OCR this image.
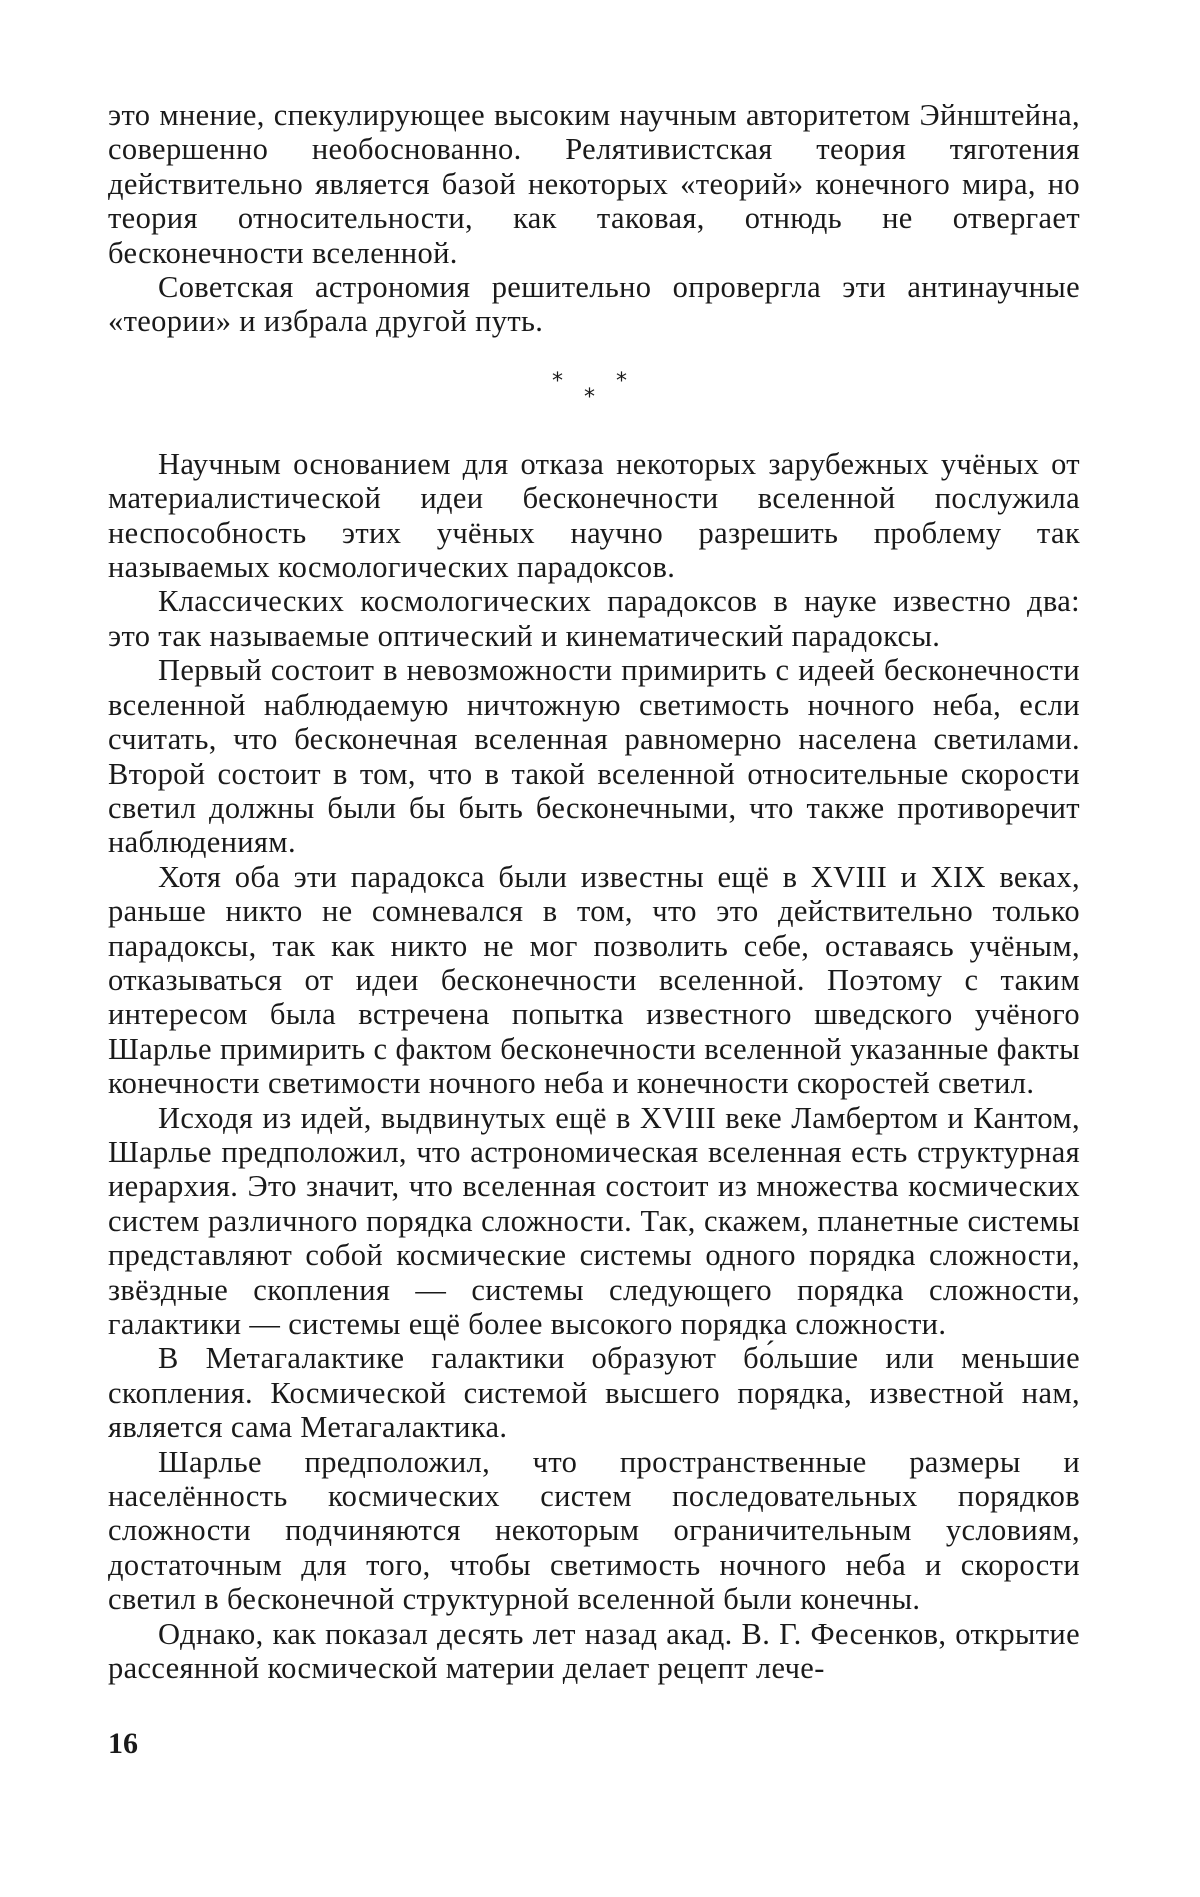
это мнение, спекулирующее высоким научным авторитетом Эйнштейна, совершенно необоснованно. Релятивистская теория тяготения действительно является базой некоторых «теорий» конечного мира, но теория относительности, как таковая, отнюдь не отвергает бесконечности вселенной.

Советская астрономия решительно опровергла эти антинаучные «теории» и избрала другой путь.

*
*
*

Научным основанием для отказа некоторых зарубежных учёных от материалистической идеи бесконечности вселенной послужила неспособность этих учёных научно разрешить проблему так называемых космологических парадоксов.

Классических космологических парадоксов в науке известно два: это так называемые оптический и кинематический парадоксы.

Первый состоит в невозможности примирить с идеей бесконечности вселенной наблюдаемую ничтожную светимость ночного неба, если считать, что бесконечная вселенная равномерно населена светилами. Второй состоит в том, что в такой вселенной относительные скорости светил должны были бы быть бесконечными, что также противоречит наблюдениям.

Хотя оба эти парадокса были известны ещё в XVIII и XIX веках, раньше никто не сомневался в том, что это действительно только парадоксы, так как никто не мог позволить себе, оставаясь учёным, отказываться от идеи бесконечности вселенной. Поэтому с таким интересом была встречена попытка известного шведского учёного Шарлье примирить с фактом бесконечности вселенной указанные факты конечности светимости ночного неба и конечности скоростей светил.

Исходя из идей, выдвинутых ещё в XVIII веке Ламбертом и Кантом, Шарлье предположил, что астрономическая вселенная есть структурная иерархия. Это значит, что вселенная состоит из множества космических систем различного порядка сложности. Так, скажем, планетные системы представляют собой космические системы одного порядка сложности, звёздные скопления — системы следующего порядка сложности, галактики — системы ещё более высокого порядка сложности.

В Метагалактике галактики образуют бо́льшие или меньшие скопления. Космической системой высшего порядка, известной нам, является сама Метагалактика.

Шарлье предположил, что пространственные размеры и населённость космических систем последовательных порядков сложности подчиняются некоторым ограничительным условиям, достаточным для того, чтобы светимость ночного неба и скорости светил в бесконечной структурной вселенной были конечны.

Однако, как показал десять лет назад акад. В. Г. Фесенков, открытие рассеянной космической материи делает рецепт лече-

16
